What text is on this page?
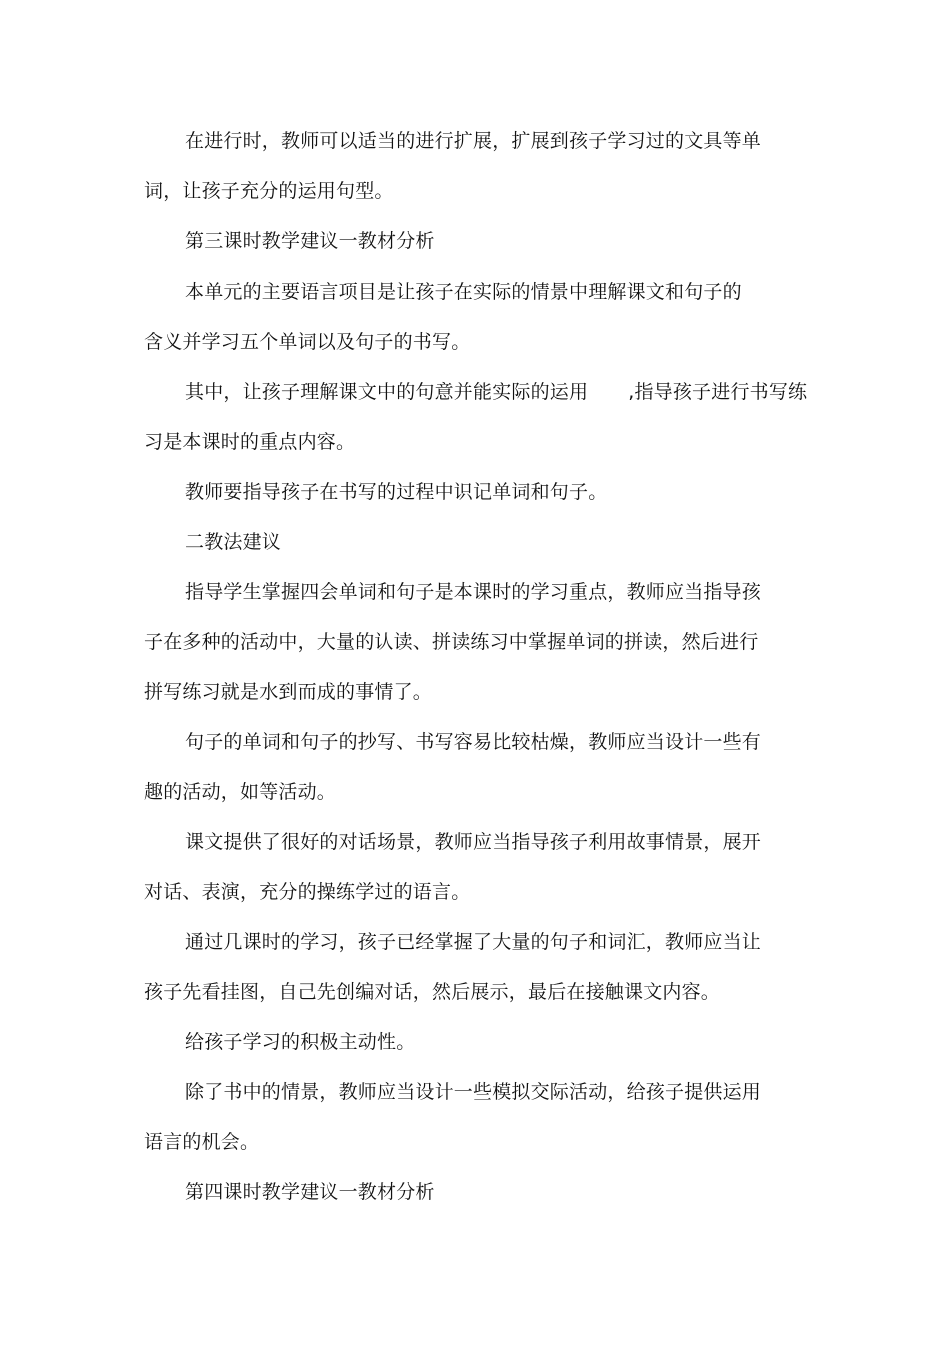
在进行时，教师可以适当的进行扩展，扩展到孩子学习过的文具等单
词，让孩子充分的运用句型。
第三课时教学建议一教材分析
本单元的主要语言项目是让孩子在实际的情景中理解课文和句子的
含义并学习五个单词以及句子的书写。
其中，让孩子理解课文中的句意并能实际的运用 ,指导孩子进行书写练
习是本课时的重点内容。
教师要指导孩子在书写的过程中识记单词和句子。
二教法建议
指导学生掌握四会单词和句子是本课时的学习重点，教师应当指导孩
子在多种的活动中，大量的认读、拼读练习中掌握单词的拼读，然后进行
拼写练习就是水到而成的事情了。
句子的单词和句子的抄写、书写容易比较枯燥，教师应当设计一些有
趣的活动，如等活动。
课文提供了很好的对话场景，教师应当指导孩子利用故事情景，展开
对话、表演，充分的操练学过的语言。
通过几课时的学习，孩子已经掌握了大量的句子和词汇，教师应当让
孩子先看挂图，自己先创编对话，然后展示，最后在接触课文内容。
给孩子学习的积极主动性。
除了书中的情景，教师应当设计一些模拟交际活动，给孩子提供运用
语言的机会。
第四课时教学建议一教材分析
